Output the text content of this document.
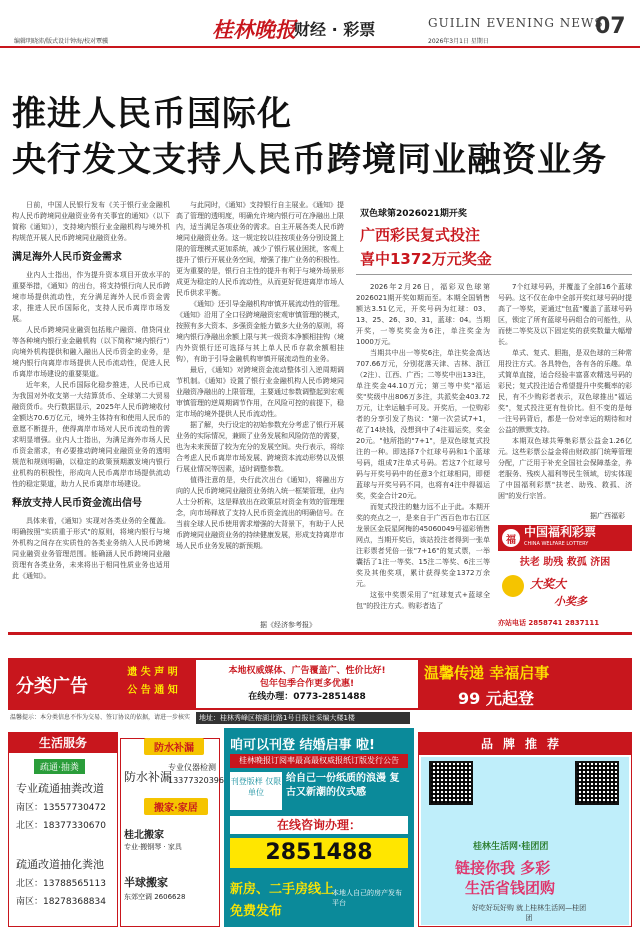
编辑明晓沛/版式设计钟海/校对覃骥	桂林晚报
财经 · 彩票	GUILIN EVENING NEWS
2026年3月1日 星期日
07
推进人民币国际化
央行发文支持人民币跨境同业融资业务

日前，中国人民银行发布《关于银行业金融机构人民币跨境同业融资业务有关事宜的通知》（以下简称《通知》），支持境内银行业金融机构与境外机构规范开展人民币跨境同业融资业务。

满足海外人民币资金需求

业内人士指出，作为提升资本项目开放水平的重要举措，《通知》的出台，将支持银行向人民币跨境市场提供流动性，充分满足海外人民币资金需求，推进人民币国际化，支持人民币离岸市场发展。

人民币跨境同业融资包括账户融资、借贷同业等各种境内银行业金融机构（以下简称"境内银行"）向境外机构提供和融入融出人民币资金的业务，是境内银行向离岸市场提供人民币流动性，促进人民币离岸市场建设的重要渠道。

近年来，人民币国际化稳步推进，人民币已成为我国对外收支第一大结算货币、全球第二大贸易融资货币。央行数据显示，2025年人民币跨境收付金额达70.6万亿元，境外主体持有和使用人民币的意愿不断提升，使得离岸市场对人民币流动性的需求明显增强。业内人士指出，为满足海外市场人民币资金需求，有必要推动跨境同业融资业务的透明规范和规则明确，以稳定的政策预期激发境内银行业机构的积极性，形成向人民币离岸市场提供流动性的稳定渠道，助力人民币离岸市场建设。

释放支持人民币资金流出信号

具体来看，《通知》实现对各类业务的全覆盖。明确按照"实质重于形式"的原则，将境内银行与境外机构之间存在实质性的各类业务纳入人民币跨境同业融资业务管理范围。能确涵人民币跨境同业融资理有各类业务，未来将出于相同性质业务也适用此《通知》。

与此同时，《通知》支持银行自主展业。《通知》提高了管理的透明度，明确允许境内银行可在净融出上限内，适当满足各项业务的需求。自主开展各类人民币跨境同业融资业务。这一规定较以往按项业务分别设置上限的管理模式更加系统，减少了银行展业困扰，客观上提升了银行开展业务空间，增强了推广业务的积极性。更为重要的是，银行自主性的提升有利于与境外场景形成更为稳定的人民币流动性，从而更好促进离岸市场人民币供求平衡。

《通知》还引导金融机构审慎开展流动性的管理。《通知》沿用了全口径跨境融资宏观审慎管理的模式，按照有多大资本、多强资金能力做多大业务的原则，将境内银行净融出余额上限与其一级资本净额相挂钩（境内外资银行还可选择与其上单人民币存款余额相挂钩），有助于引导金融机构审慎开展流动性的业务。

最后，《通知》对跨境资金流动整体引入逆周期调节机制。《通知》设置了银行业金融机构人民币跨境同业融资净融出的上限管理，主要通过参数调整起到宏观审慎管理的逆周期调节作用，在风险可控的前提下，稳定市场的境外提供人民币流动性。

据了解，央行设定的初始参数充分考虑了银行开展业务的实际情况，兼顾了业务发展和风险防范的需要，也为未来预留了较为充分的发展空间。央行表示，将综合考虑人民币离岸市场发展、跨境资本流动形势以及银行展业情况等因素，适时调整参数。

值得注意的是，央行此次出台《通知》，将融出方向的人民币跨境同业融资业务纳入统一框架管理，业内人士分析称，这是释放出在政策层对资金有效的管理理念，向市场释放了支持人民币资金流出的明确信号。在当前全球人民币使用需求增强的大背景下，有助于人民币跨境同业融资业务的持续健康发展，形成支持离岸市场人民币业务发展的新预期。

据《经济参考报》
双色球第2026021期开奖
广西彩民复式投注
喜中1372万元奖金

2026年2月26日，福彩双色球第2026021期开奖如期而至。本期全国销售额达3.51亿元，开奖号码为红球：03、13、25、26、30、31，蓝球：04。当期开奖，一等奖奖金为6注，单注奖金为1000万元。

当期共中出一等奖6注，单注奖金高达707.66万元，分别花落天津、吉林、浙江（2注）、江西、广西；二等奖中出133注，单注奖金44.10万元；第三等中奖"福运奖"奖级中出806万多注，共派奖金403.72万元，让幸运触手可及。开奖后，一位购彩者的分享引发了热议："第一次尝试7+1，花了14块钱，没想到中了4注福运奖，奖金20元。"他所指的"7+1"，是双色球复式投注的一种。即选择7个红球号码和1个蓝球号码，组成7注单式号码。若这7个红球号码与开奖号码中的任意3个红球相同，即便蓝球与开奖号码不同，也将有4注中得福运奖，奖金合计20元。

而复式投注的魅力远不止于此。本期开奖的亮点之一，是来自于广西百色市右江区龙景区金辰星阿梅的45060049号福彩销售网点，当期开奖后，该站投注者得到一张单注彩票者凭倍一张"7+16"的复式票，一举囊括了1注一等奖、15注二等奖、6注三等奖及其他奖项，累计获得奖金1372万余元。

这张中奖票采用了"红球复式+蓝球全包"的投注方式。购彩者选了

7个红球号码，并覆盖了全部16个蓝球号码。这不仅在命中全部开奖红球号码时提高了一等奖，更通过"包蓝"覆盖了蓝球号码区，锁定了所有蓝球号码组合的可能性，从而使二等奖及以下固定奖的获奖数量大幅增长。

单式、复式、胆拖，是双色球的三种常用投注方式。各具特色，各有各的乐趣。单式简单直接，适合经验丰富喜欢精选号码的彩民；复式投注适合希望提升中奖概率的彩民，有不少购彩者表示，双色球推出"福运奖"，复式投注更有性价比。但不变的是每一注号码背后，都是一份对幸运的期待和对公益的默默支持。

本期双色球共筹集彩票公益金1.26亿元。这些彩票公益金将由财政部门统筹管理分配，广泛用于补充全国社会保障基金，养老服务、残疾人福利等民生领域，切实体现了中国福利彩票"扶老、助残、救孤、济困"的发行宗旨。

据广西福彩
福
中国福利彩票
CHINA WELFARE LOTTERY
扶老 助残 救孤 济困
大奖大
小奖多
亦站电话 2858741 2837111
分类广告
遗 失 声 明
公 告 通 知
本地权威媒体、广告覆盖广、性价比好!
包年包季合作更多优惠!
在线办理：0773-2851488
温馨传递 幸福启事
99 元起登
温馨提示：本分类信息不作为交易、签订协议的依据，请进一步核实	地址：桂林秀峰区榕湖北路1号日报社采编大楼1楼
生活服务
疏通·抽粪
专业疏通抽粪改道
南区：13557730472
北区：18377330670
疏通改道抽化粪池
北区：13788565113
南区：18278368834
防水补漏
防水补漏
专业仪器检测
13377320396
搬家·家居
桂北搬家
专业·搬钢琴 · 家具
半球搬家
东郊空调 2606628
咱可以刊登 结婚启事 啦!
桂林晚报订阅率最高最权威报纸订版发行公告
刊登版样 仅限单位
给自己一份纸质的浪漫 复古又新潮的仪式感
在线咨询办理：
2851488
新房、二手房线上
免费发布
本地人自己的房产发布平台
品牌推荐
桂林生活网·桂团团
链接你我 多彩
生活省钱团购
好吃好玩好购 就上桂林生活网—桂团团
